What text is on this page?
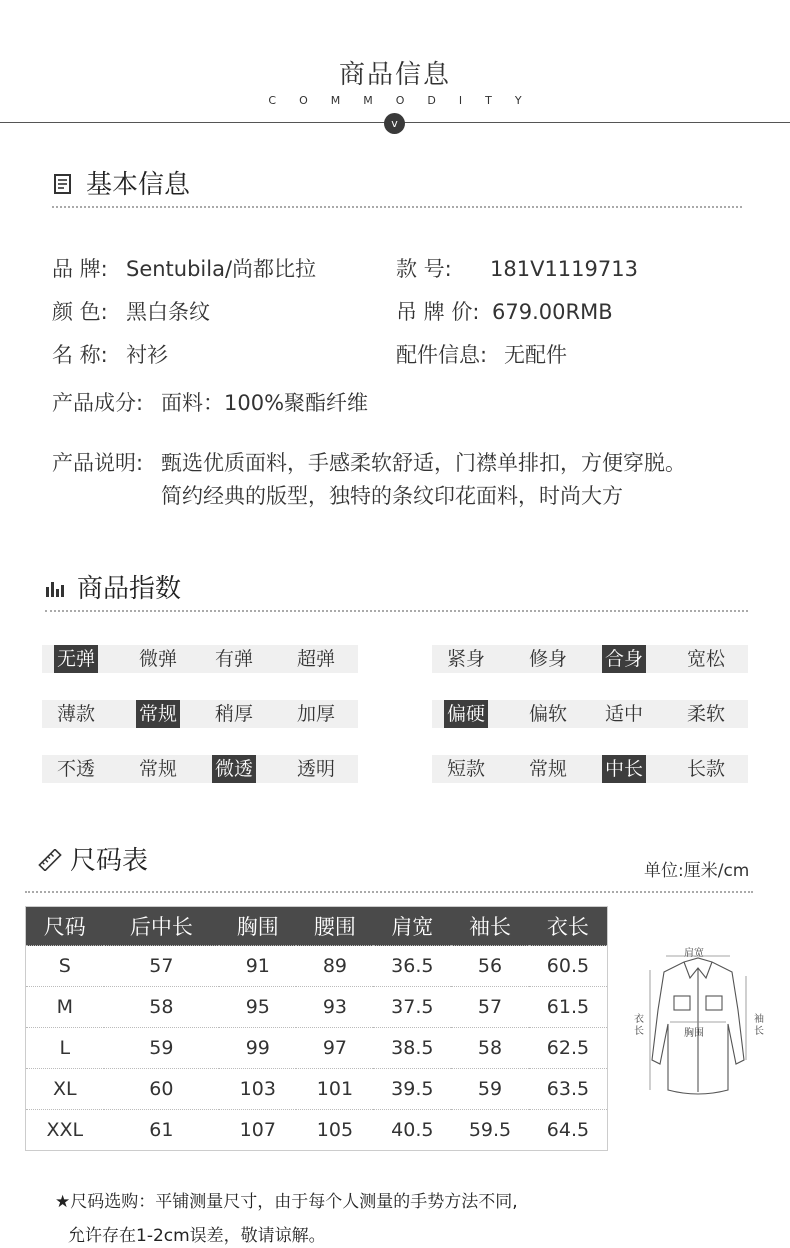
商品信息
COMMODITY
v
基本信息
品 牌: Sentubila/尚都比拉	款 号: 181V1119713
颜 色: 黑白条纹	吊 牌 价: 679.00RMB
名 称: 衬衫	配件信息: 无配件
产品成分: 面料：100%聚酯纤维
产品说明: 甄选优质面料，手感柔软舒适，门襟单排扣，方便穿脱。
简约经典的版型，独特的条纹印花面料，时尚大方
商品指数
无弹 微弹 有弹 超弹	紧身 修身 合身 宽松
薄款 常规 稍厚 加厚	偏硬 偏软 适中 柔软
不透 常规 微透 透明	短款 常规 中长 长款
尺码表	单位:厘米/cm
尺码	后中长	胸围	腰围	肩宽	袖长	衣长
S	57	91	89	36.5	56	60.5
M	58	95	93	37.5	57	61.5
L	59	99	97	38.5	58	62.5
XL	60	103	101	39.5	59	63.5
XXL	61	107	105	40.5	59.5	64.5
肩宽
胸围
衣长
袖长
★尺码选购：平铺测量尺寸，由于每个人测量的手势方法不同,
允许存在1-2cm误差，敬请谅解。
